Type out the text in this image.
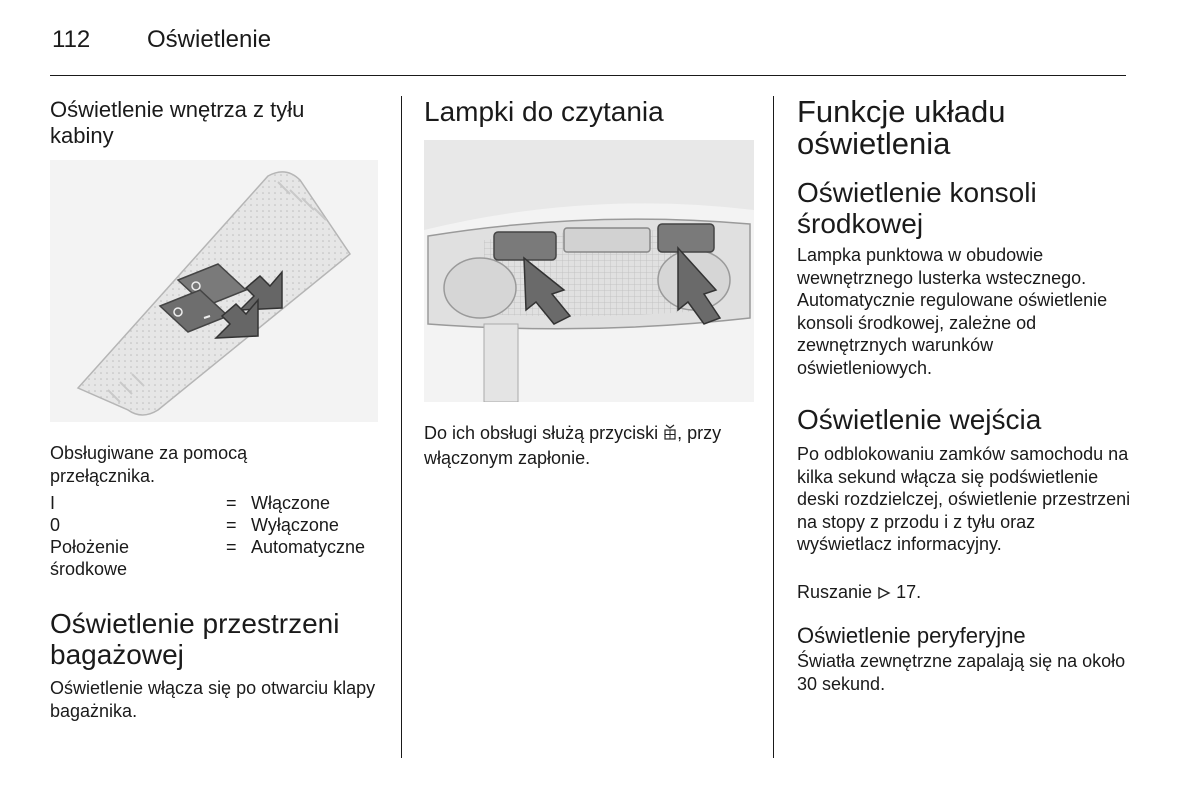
112 Oświetlenie
Oświetlenie wnętrza z tyłu kabiny

Obsługiwane za pomocą przełącznika.

I	= Włączone
0	= Wyłączone
Położenie środkowe
= Automatyczne
Oświetlenie przestrzeni bagażowej

Oświetlenie włącza się po otwarciu klapy bagażnika.

Lampki do czytania

Do ich obsługi służą przyciski , przy włączonym zapłonie.

Funkcje układu oświetlenia
Oświetlenie konsoli środkowej

Lampka punktowa w obudowie wewnętrznego lusterka wstecznego. Automatycznie regulowane oświetlenie konsoli środkowej, zależne od zewnętrznych warunków oświetleniowych.

Oświetlenie wejścia

Po odblokowaniu zamków samochodu na kilka sekund włącza się podświetlenie deski rozdzielczej, oświetlenie przestrzeni na stopy z przodu i z tyłu oraz wyświetlacz informacyjny.

Ruszanie 17.

Oświetlenie peryferyjne

Światła zewnętrzne zapalają się na około 30 sekund.
